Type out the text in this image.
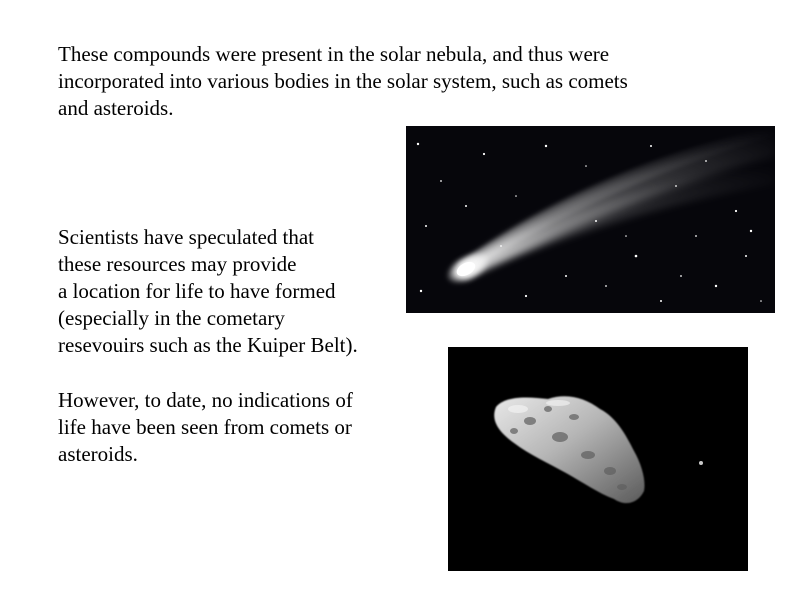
These compounds were present in the solar nebula, and thus were
incorporated into various bodies in the solar system, such as comets
and asteroids.

Scientists have speculated that
these resources may provide
a location for life to have formed
(especially in the cometary
resevouirs such as the Kuiper Belt).

However, to date, no indications of
life have been seen from comets or
asteroids.
